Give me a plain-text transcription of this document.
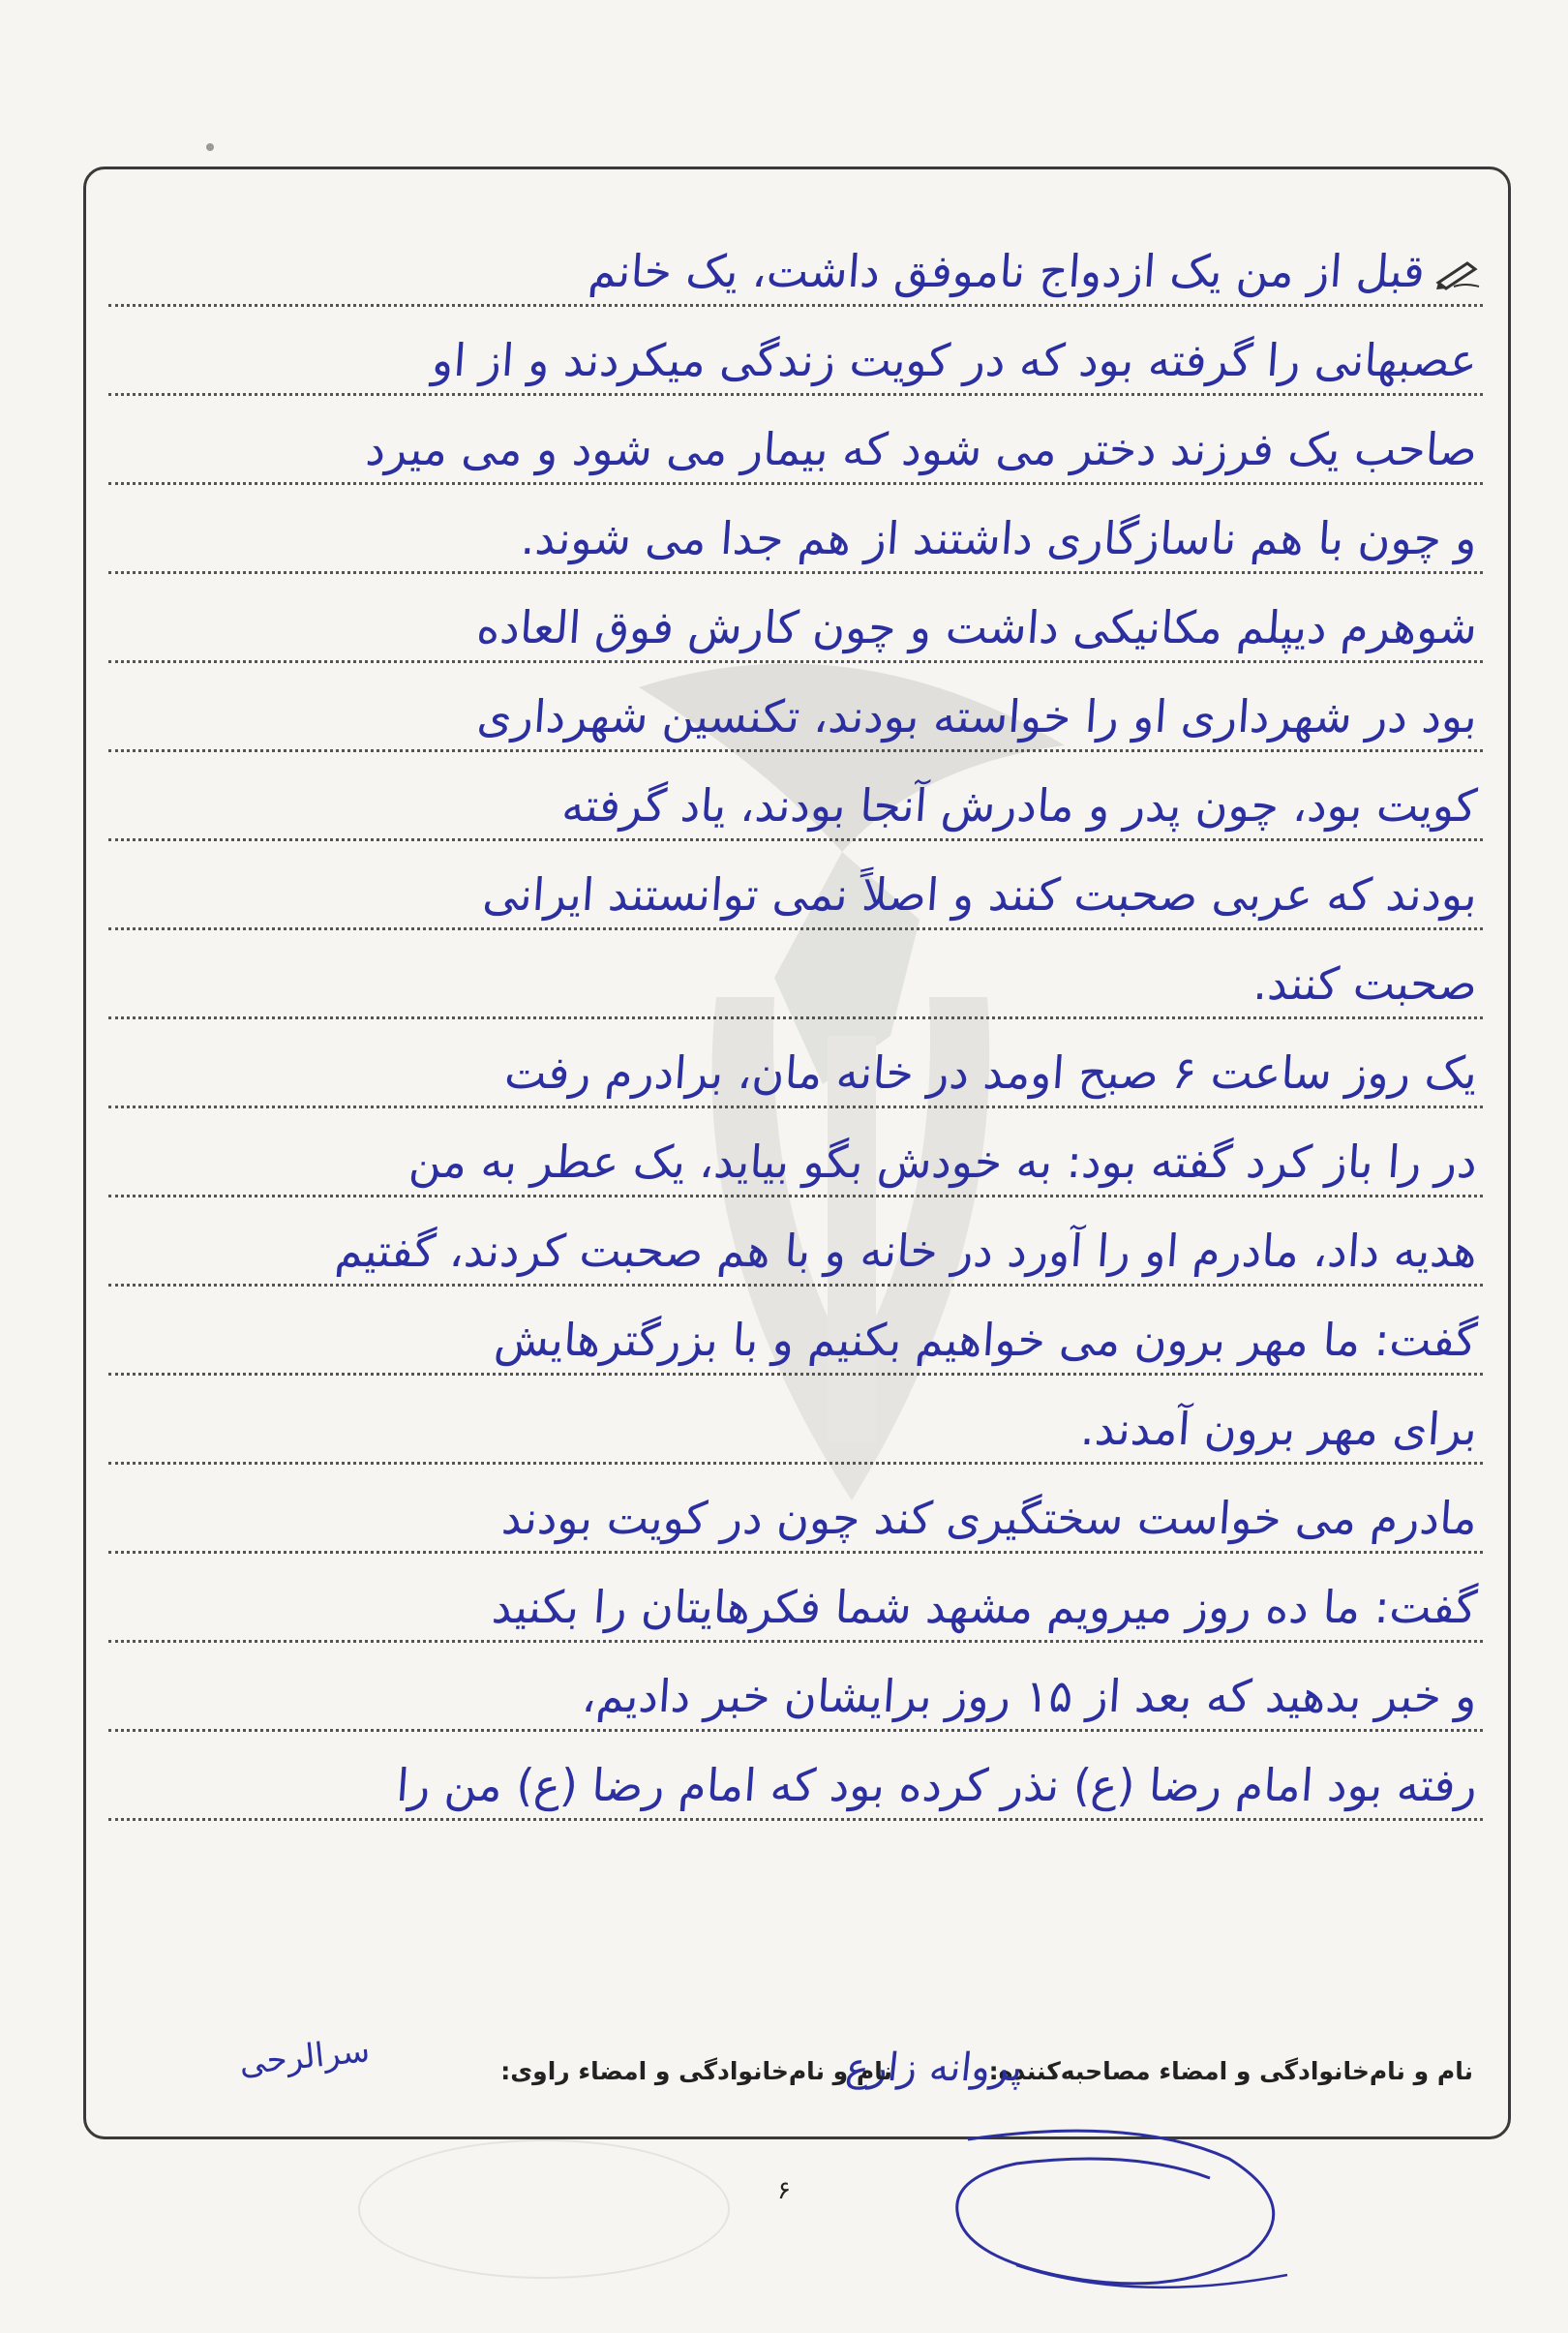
قبل از من یک ازدواج ناموفق داشت، یک خانم
عصبهانی را گرفته بود که در کویت زندگی میکردند و از او
صاحب یک فرزند دختر می شود که بیمار می شود و می میرد
و چون با هم ناسازگاری داشتند از هم جدا می شوند.
شوهرم دیپلم مکانیکی داشت و چون کارش فوق العاده
بود در شهرداری او را خواسته بودند، تکنسین شهرداری
کویت بود، چون پدر و مادرش آنجا بودند، یاد گرفته
بودند که عربی صحبت کنند و اصلاً نمی توانستند ایرانی
صحبت کنند.
یک روز ساعت ۶ صبح اومد در خانه مان، برادرم رفت
در را باز کرد گفته بود: به خودش بگو بیاید، یک عطر به من
هدیه داد، مادرم او را آورد در خانه و با هم صحبت کردند، گفتیم
گفت: ما مهر برون می خواهیم بکنیم و با بزرگترهایش
برای مهر برون آمدند.
مادرم می خواست سختگیری کند چون در کویت بودند
گفت: ما ده روز میرویم مشهد شما فکرهایتان را بکنید
و خبر بدهید که بعد از ۱۵ روز برایشان خبر دادیم،
رفته بود امام رضا (ع) نذر کرده بود که امام رضا (ع) من را
نام و نام‌خانوادگی و امضاء مصاحبه‌کننده:
پروانه زارع
نام و نام‌خانوادگی و امضاء راوی:
سرالرحی
۶
